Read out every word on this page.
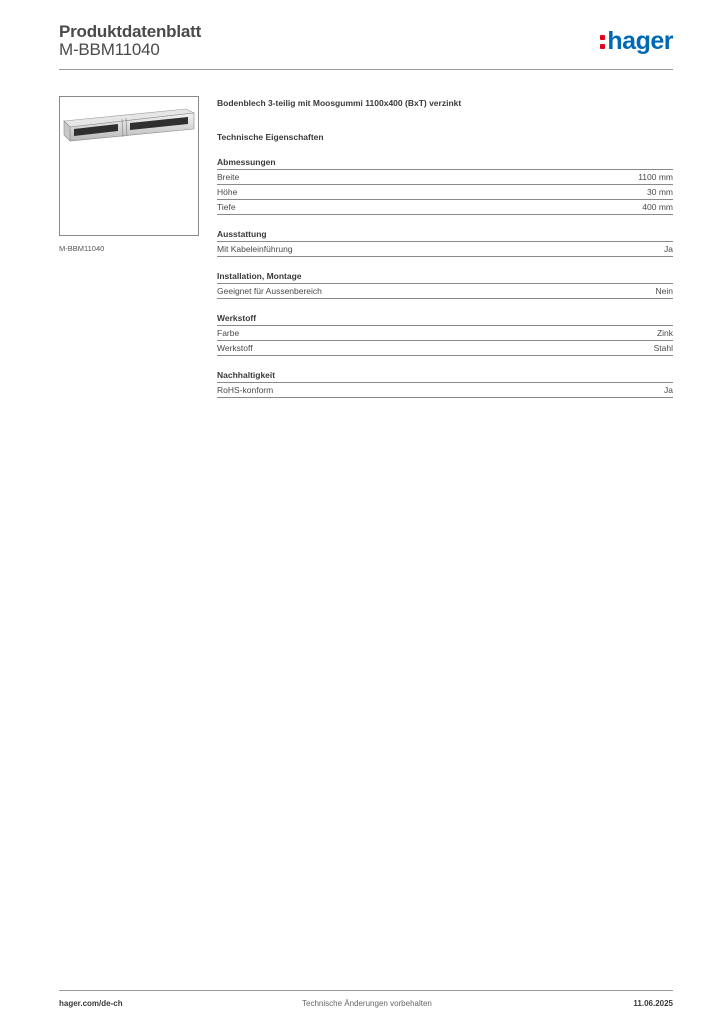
Produktdatenblatt
M-BBM11040	hager
M-BBM11040
Bodenblech 3-teilig mit Moosgummi 1100x400 (BxT) verzinkt
Technische Eigenschaften
Abmessungen
Breite	1100 mm
Höhe	30 mm
Tiefe	400 mm
Ausstattung
Mit Kabeleinführung	Ja
Installation, Montage
Geeignet für Aussenbereich	Nein
Werkstoff
Farbe	Zink
Werkstoff	Stahl
Nachhaltigkeit
RoHS-konform	Ja
hager.com/de-ch	Technische Änderungen vorbehalten	11.06.2025
